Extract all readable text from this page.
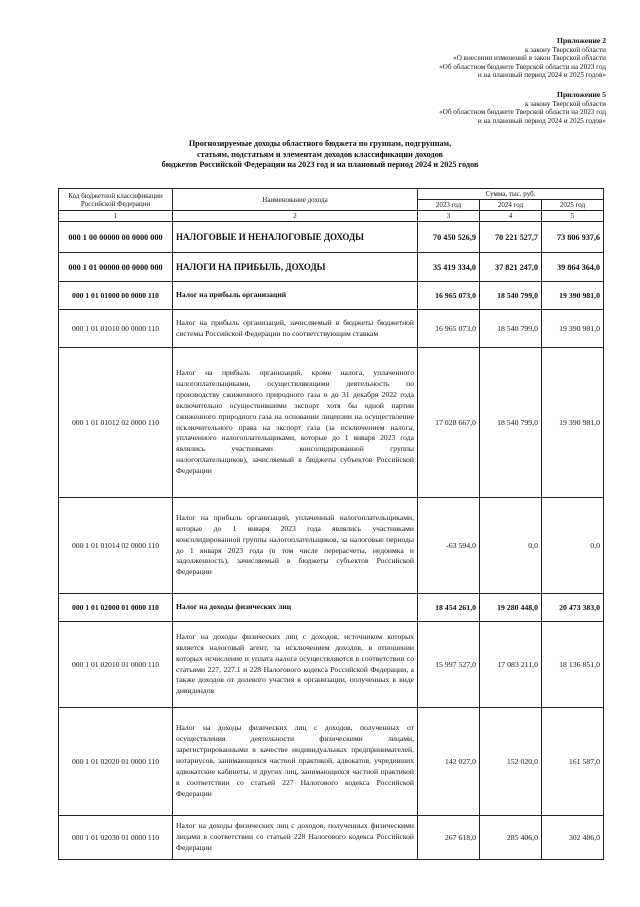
Приложение 2
к закону Тверской области
«О внесении изменений в закон Тверской области
«Об областном бюджете Тверской области на 2023 год
и на плановый период 2024 и 2025 годов»
Приложение 5
к закону Тверской области
«Об областном бюджете Тверской области на 2023 год
и на плановый период 2024 и 2025 годов»
Прогнозируемые доходы областного бюджета по группам, подгруппам,
статьям, подстатьям и элементам доходов классификации доходов
бюджетов Российской Федерации на 2023 год и на плановый период 2024 и 2025 годов
Код бюджетной классификации Российской Федерации	Наименование дохода	Сумма, тыс. руб.		
		2023 год	2024 год	2025 год
1	2	3	4	5
000 1 00 00000 00 0000 000	НАЛОГОВЫЕ И НЕНАЛОГОВЫЕ ДОХОДЫ	70 450 526,9	70 221 527,7	73 806 937,6
000 1 01 00000 00 0000 000	НАЛОГИ НА ПРИБЫЛЬ, ДОХОДЫ	35 419 334,0	37 821 247,0	39 864 364,0
000 1 01 01000 00 0000 110	Налог на прибыль организаций	16 965 073,0	18 540 799,0	19 390 981,0
000 1 01 01010 00 0000 110	Налог на прибыль организаций, зачисляемый в бюджеты бюджетной системы Российской Федерации по соответствующим ставкам	16 965 073,0	18 540 799,0	19 390 981,0
000 1 01 01012 02 0000 110	Налог на прибыль организаций, кроме налога, уплаченного налогоплательщиками, осуществляющими деятельность по производству сжиженного природного газа и до 31 декабря 2022 года включительно осуществившими экспорт хотя бы одной партии сжиженного природного газа на основании лицензии на осуществление исключительного права на экспорт газа (за исключением налога, уплаченного налогоплательщиками, которые до 1 января 2023 года являлись участниками консолидированной группы налогоплательщиков), зачисляемый в бюджеты субъектов Российской Федерации	17 028 667,0	18 540 799,0	19 390 981,0
000 1 01 01014 02 0000 110	Налог на прибыль организаций, уплаченный налогоплательщиками, которые до 1 января 2023 года являлись участниками консолидированной группы налогоплательщиков, за налоговые периоды до 1 января 2023 года (в том числе перерасчеты, недоимка и задолженность), зачисляемый в бюджеты субъектов Российской Федерации	-63 594,0	0,0	0,0
000 1 01 02000 01 0000 110	Налог на доходы физических лиц	18 454 261,0	19 280 448,0	20 473 383,0
000 1 01 02010 01 0000 110	Налог на доходы физических лиц с доходов, источником которых является налоговый агент, за исключением доходов, в отношении которых исчисление и уплата налога осуществляются в соответствии со статьями 227, 227.1 и 228 Налогового кодекса Российской Федерации, а также доходов от долевого участия в организации, полученных в виде дивидендов	15 997 527,0	17 083 211,0	18 136 851,0
000 1 01 02020 01 0000 110	Налог на доходы физических лиц с доходов, полученных от осуществления деятельности физическими лицами, зарегистрированными в качестве индивидуальных предпринимателей, нотариусов, занимающихся частной практикой, адвокатов, учредивших адвокатские кабинеты, и других лиц, занимающихся частной практикой в соответствии со статьей 227 Налогового кодекса Российской Федерации	142 027,0	152 020,0	161 587,0
000 1 01 02030 01 0000 110	Налог на доходы физических лиц с доходов, полученных физическими лицами в соответствии со статьей 228 Налогового кодекса Российской Федерации	267 618,0	285 406,0	302 486,0
